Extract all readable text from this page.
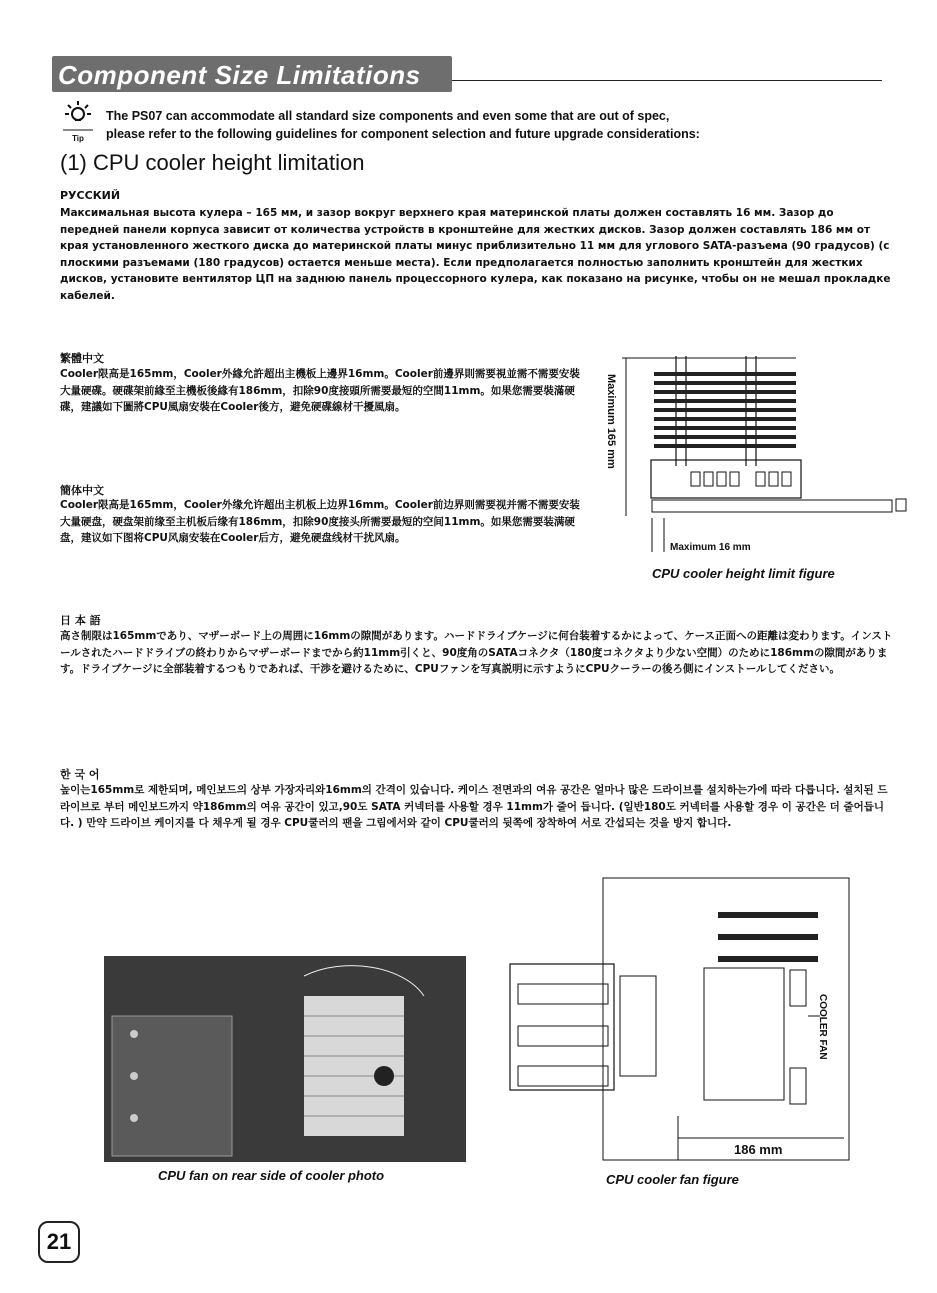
Component Size Limitations
Tip
The PS07 can accommodate all standard size components and even some that are out of spec,
please refer to the following guidelines for component selection and future upgrade considerations:
(1) CPU cooler height limitation
РУССКИЙ
Максимальная высота кулера – 165 мм, и зазор вокруг верхнего края материнской платы должен составлять 16 мм. Зазор до передней панели корпуса зависит от количества устройств в кронштейне для жестких дисков. Зазор должен составлять 186 мм от края установленного жесткого диска до материнской платы минус приблизительно 11 мм для углового SATA-разъема (90 градусов) (с плоскими разъемами (180 градусов) остается меньше места). Если предполагается полностью заполнить кронштейн для жестких дисков, установите вентилятор ЦП на заднюю панель процессорного кулера, как показано на рисунке, чтобы он не мешал прокладке кабелей.
繁體中文
Cooler限高是165mm，Cooler外緣允許超出主機板上邊界16mm。Cooler前邊界則需要視並需不需要安裝大量硬碟。硬碟架前緣至主機板後緣有186mm，扣除90度接頭所需要最短的空間11mm。如果您需要裝滿硬碟，建議如下圖將CPU風扇安裝在Cooler後方，避免硬碟線材干擾風扇。
簡体中文
Cooler限高是165mm，Cooler外缘允许超出主机板上边界16mm。Cooler前边界则需要视并需不需要安装大量硬盘，硬盘架前缘至主机板后缘有186mm，扣除90度接头所需要最短的空间11mm。如果您需要装满硬盘，建议如下图将CPU风扇安装在Cooler后方，避免硬盘线材干扰风扇。
Maximum 165 mm
Maximum 16 mm
CPU cooler height limit figure
日 本 語
高さ制限は165mmであり、マザーボード上の周囲に16mmの隙間があります。ハードドライブケージに何台装着するかによって、ケース正面への距離は変わります。インストールされたハードドライブの終わりからマザーボードまでから約11mm引くと、90度角のSATAコネクタ（180度コネクタより少ない空間）のために186mmの隙間があります。ドライブケージに全部装着するつもりであれば、干渉を避けるために、CPUファンを写真説明に示すようにCPUクーラーの後ろ側にインストールしてください。
한 국 어
높이는165mm로 제한되며, 메인보드의 상부 가장자리와16mm의 간격이 있습니다. 케이스 전면과의 여유 공간은 얼마나 많은 드라이브를 설치하는가에 따라 다릅니다. 설치된 드라이브로 부터 메인보드까지 약186mm의 여유 공간이 있고,90도 SATA 커넥터를 사용할 경우 11mm가 줄어 듭니다. (일반180도 커넥터를 사용할 경우 이 공간은 더 줄어듭니다. ) 만약 드라이브 케이지를 다 채우게 될 경우 CPU쿨러의 팬을 그림에서와 같이 CPU쿨러의 뒷쪽에 장착하여 서로 간섭되는 것을 방지 합니다.
CPU fan on rear side of cooler photo
COOLER FAN
186 mm
CPU cooler fan figure
21
